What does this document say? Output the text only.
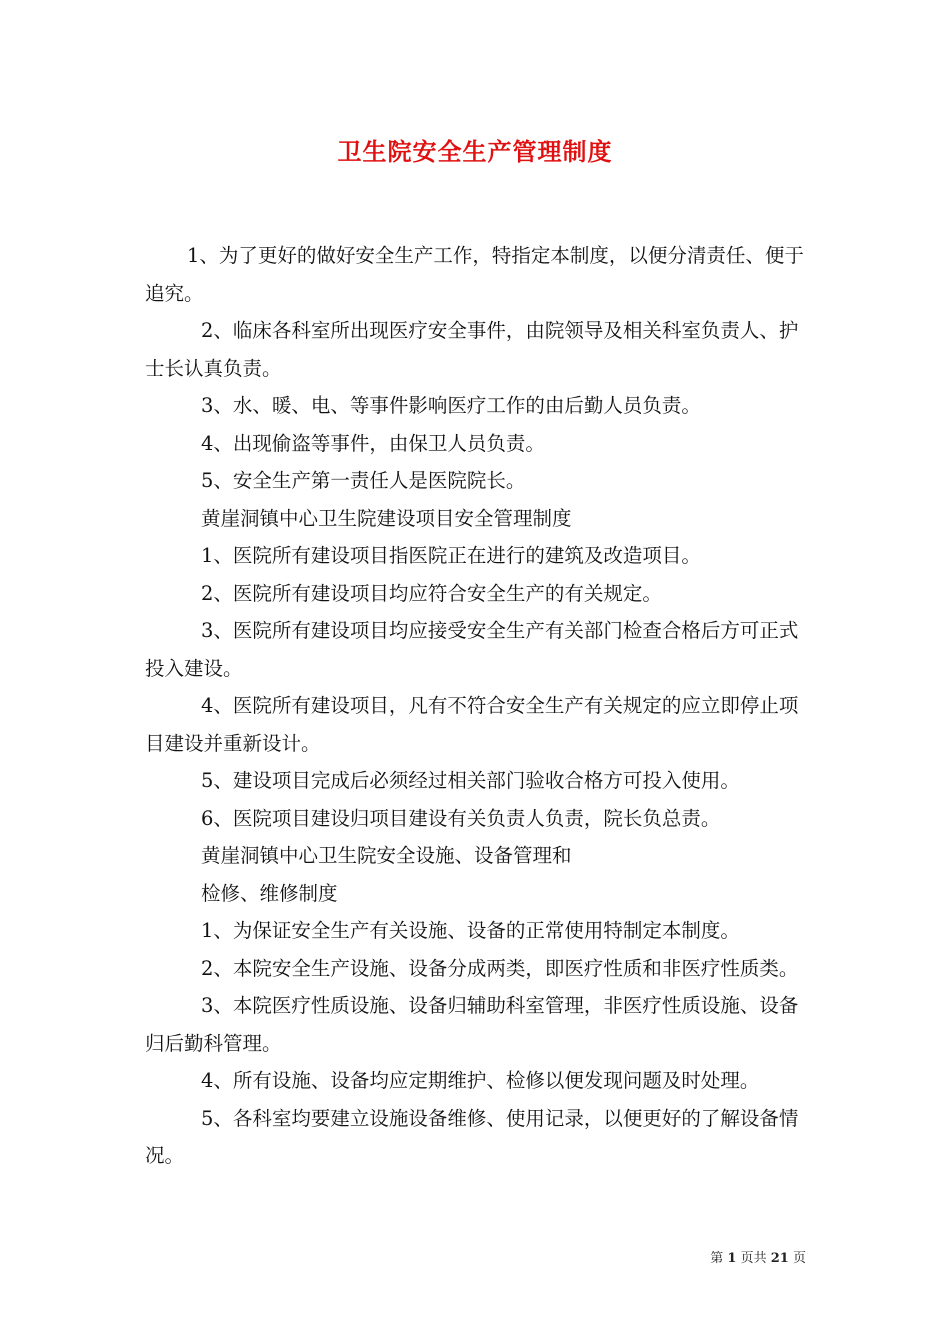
卫生院安全生产管理制度

1、为了更好的做好安全生产工作，特指定本制度，以便分清责任、便于追究。

2、临床各科室所出现医疗安全事件，由院领导及相关科室负责人、护士长认真负责。

3、水、暖、电、等事件影响医疗工作的由后勤人员负责。

4、出现偷盗等事件，由保卫人员负责。

5、安全生产第一责任人是医院院长。

黄崖洞镇中心卫生院建设项目安全管理制度

1、医院所有建设项目指医院正在进行的建筑及改造项目。

2、医院所有建设项目均应符合安全生产的有关规定。

3、医院所有建设项目均应接受安全生产有关部门检查合格后方可正式投入建设。

4、医院所有建设项目，凡有不符合安全生产有关规定的应立即停止项目建设并重新设计。

5、建设项目完成后必须经过相关部门验收合格方可投入使用。

6、医院项目建设归项目建设有关负责人负责，院长负总责。

黄崖洞镇中心卫生院安全设施、设备管理和

检修、维修制度

1、为保证安全生产有关设施、设备的正常使用特制定本制度。

2、本院安全生产设施、设备分成两类，即医疗性质和非医疗性质类。

3、本院医疗性质设施、设备归辅助科室管理，非医疗性质设施、设备归后勤科管理。

4、所有设施、设备均应定期维护、检修以便发现问题及时处理。

5、各科室均要建立设施设备维修、使用记录，以便更好的了解设备情况。

第 1 页共 21 页
